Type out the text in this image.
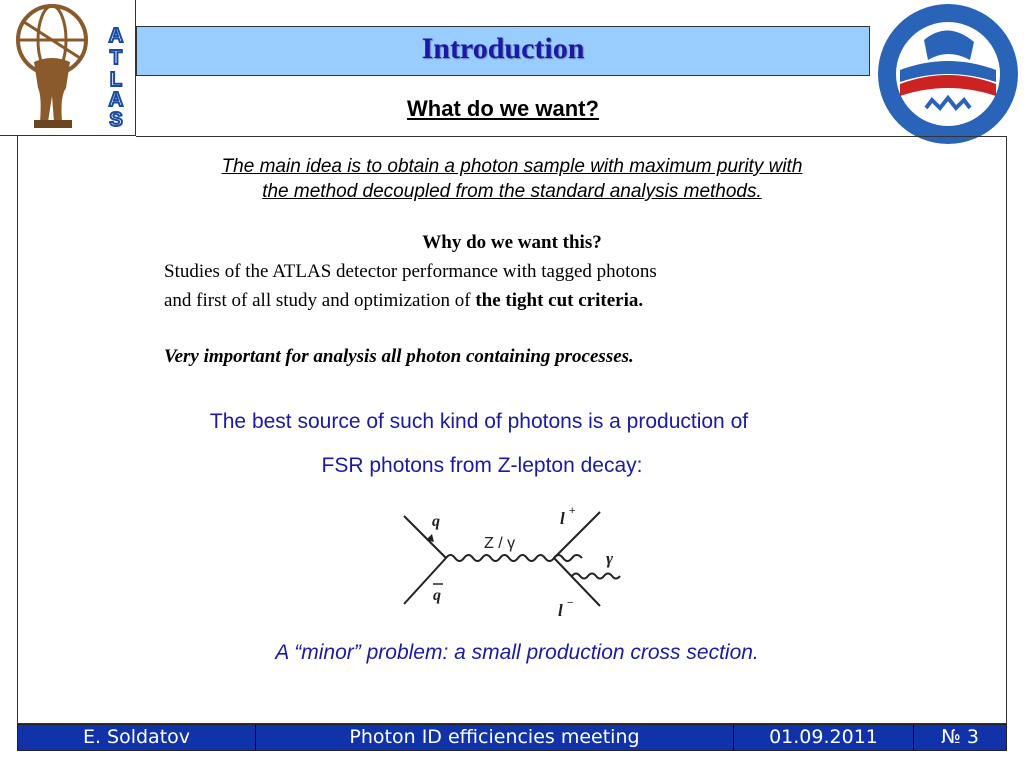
A
T
L
A
S
Introduction
What do we want?
The main idea is to obtain a photon sample with maximum purity with
the method decoupled from the standard analysis methods.
Why do we want this?
Studies of the ATLAS detector performance with tagged photons
and first of all study and optimization of the tight cut criteria.
Very important for analysis all photon containing processes.
The best source of such kind of photons is a production of
FSR photons from Z-lepton decay:
q
q
Z / γ
l +
l −
γ
A “minor” problem: a small production cross section.
E. Soldatov	Photon ID efficiencies meeting	01.09.2011	№ 3
